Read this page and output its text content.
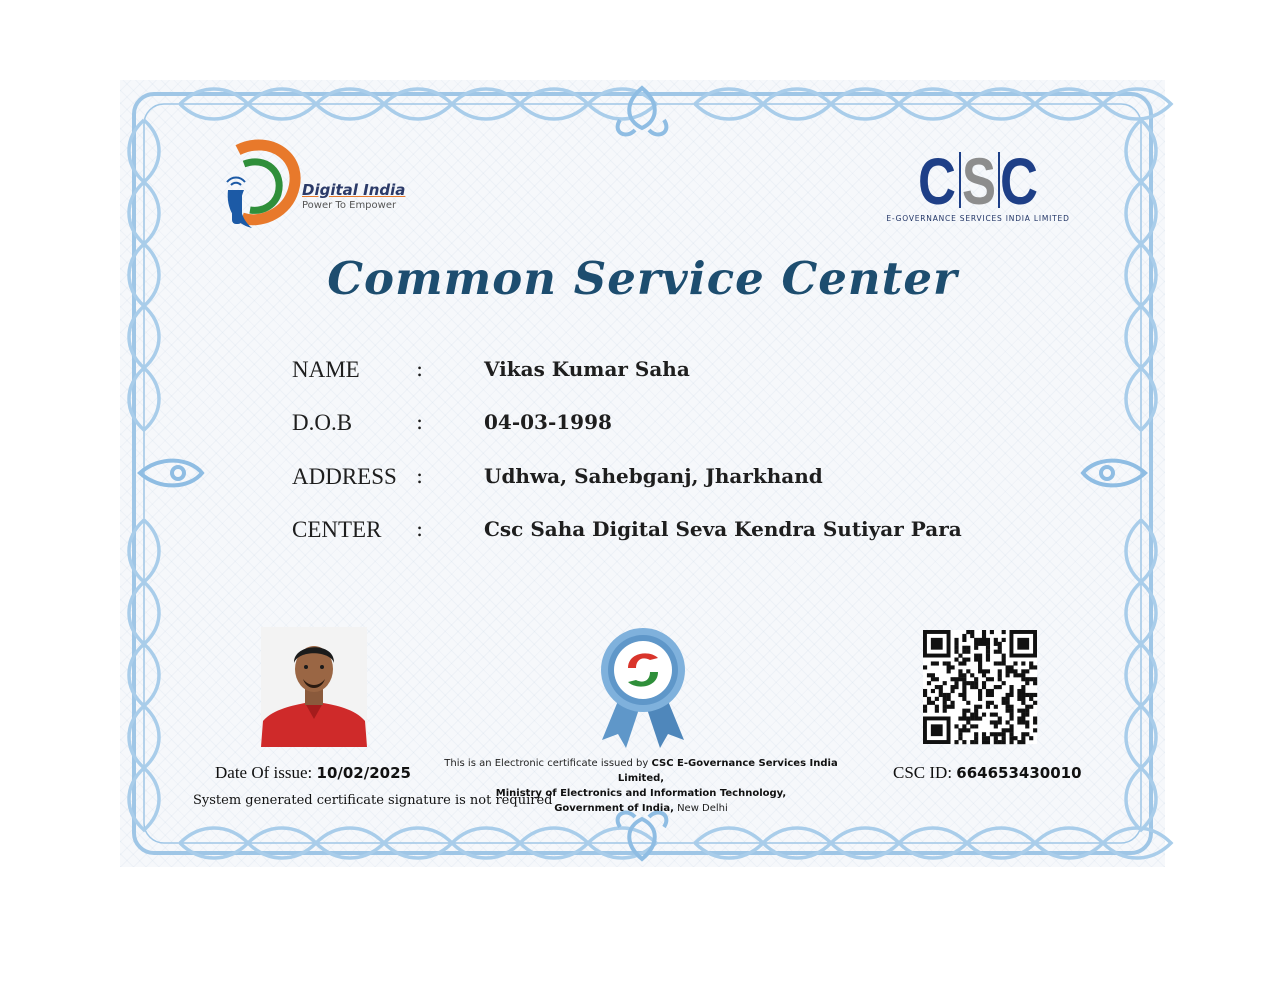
Digital India
Power To Empower	C S C
E-GOVERNANCE SERVICES INDIA LIMITED
Common Service Center
NAME	:	Vikas Kumar Saha
D.O.B	:	04-03-1998
ADDRESS :	Udhwa, Sahebganj, Jharkhand
CENTER :	Csc Saha Digital Seva Kendra Sutiyar Para
Date Of issue: 10/02/2025
System generated certificate signature is not required
This is an Electronic certificate issued by CSC E-Governance Services India Limited,
Ministry of Electronics and Information Technology,
Government of India, New Delhi
CSC ID: 664653430010
